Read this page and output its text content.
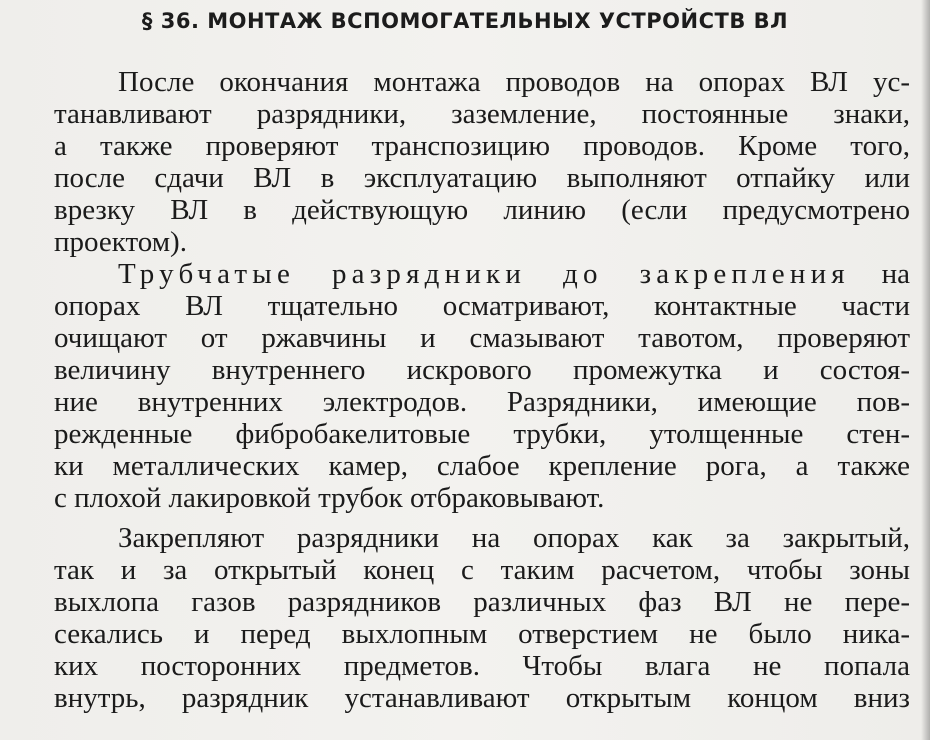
§ 36. МОНТАЖ ВСПОМОГАТЕЛЬНЫХ УСТРОЙСТВ ВЛ
После окончания монтажа проводов на опорах ВЛ ус-
танавливают разрядники, заземление, постоянные знаки,
а также проверяют транспозицию проводов. Кроме того,
после сдачи ВЛ в эксплуатацию выполняют отпайку или
врезку ВЛ в действующую линию (если предусмотрено
проектом).
Трубчатые разрядники до закрепления на
опорах ВЛ тщательно осматривают, контактные части
очищают от ржавчины и смазывают тавотом, проверяют
величину внутреннего искрового промежутка и состоя-
ние внутренних электродов. Разрядники, имеющие пов-
режденные фибробакелитовые трубки, утолщенные стен-
ки металлических камер, слабое крепление рога, а также
с плохой лакировкой трубок отбраковывают.
Закрепляют разрядники на опорах как за закрытый,
так и за открытый конец с таким расчетом, чтобы зоны
выхлопа газов разрядников различных фаз ВЛ не пере-
секались и перед выхлопным отверстием не было ника-
ких посторонних предметов. Чтобы влага не попала
внутрь, разрядник устанавливают открытым концом вниз
